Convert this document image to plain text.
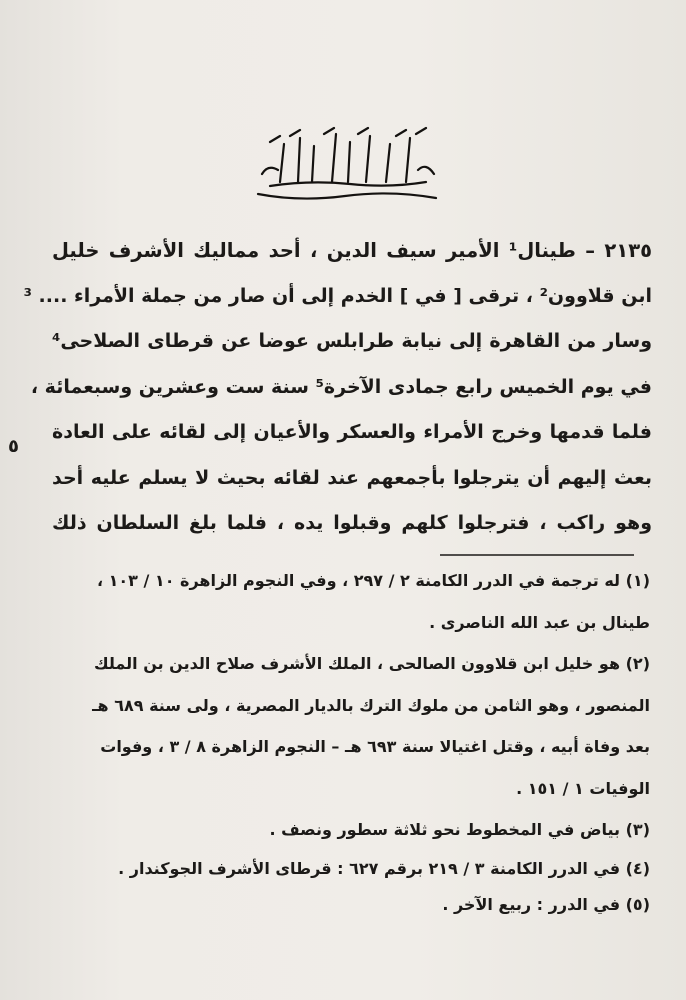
٢١٣٥ – طينال¹ الأمير سيف الدين ، أحد مماليك الأشرف خليل
ابن قلاوون² ، ترقى [ في ] الخدم إلى أن صار من جملة الأمراء .... ³
وسار من القاهرة إلى نيابة طرابلس عوضا عن قرطاى الصلاحى⁴
في يوم الخميس رابع جمادى الآخرة⁵ سنة ست وعشرين وسبعمائة ،
فلما قدمها وخرج الأمراء والعسكر والأعيان إلى لقائه على العادة
بعث إليهم أن يترجلوا بأجمعهم عند لقائه بحيث لا يسلم عليه أحد
وهو راكب ، فترجلوا كلهم وقبلوا يده ، فلما بلغ السلطان ذلك
٥
(١) له ترجمة في الدرر الكامنة ٢ / ٢٩٧ ، وفي النجوم الزاهرة ١٠ / ١٠٣ ،
طينال بن عبد الله الناصرى .
(٢) هو خليل ابن قلاوون الصالحى ، الملك الأشرف صلاح الدين بن الملك
المنصور ، وهو الثامن من ملوك الترك بالديار المصرية ، ولى سنة ٦٨٩ هـ
بعد وفاة أبيه ، وقتل اغتيالا سنة ٦٩٣ هـ – النجوم الزاهرة ٨ / ٣ ، وفوات
الوفيات ١ / ١٥١ .
(٣) بياض في المخطوط نحو ثلاثة سطور ونصف .
(٤) في الدرر الكامنة ٣ / ٢١٩ برقم ٦٢٧ : قرطاى الأشرف الجوكندار .
(٥) في الدرر : ربيع الآخر .
